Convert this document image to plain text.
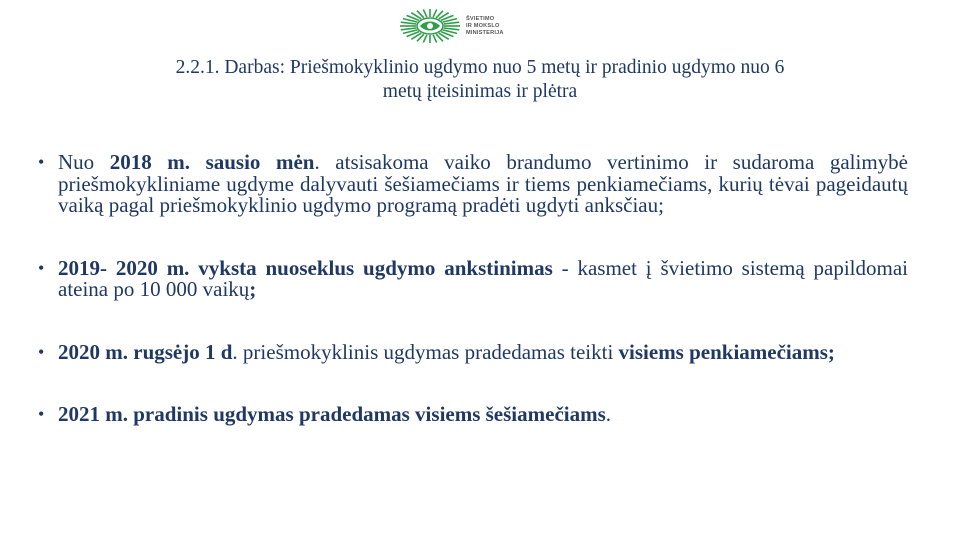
ŠVIETIMO
IR MOKSLO
MINISTERIJA
2.2.1. Darbas: Priešmokyklinio ugdymo nuo 5 metų ir pradinio ugdymo nuo 6
metų įteisinimas ir plėtra
• Nuo 2018 m. sausio mėn. atsisakoma vaiko brandumo vertinimo ir sudaroma galimybė priešmokykliniame ugdyme dalyvauti šešiamečiams ir tiems penkiamečiams, kurių tėvai pageidautų vaiką pagal priešmokyklinio ugdymo programą pradėti ugdyti anksčiau;
• 2019- 2020 m. vyksta nuoseklus ugdymo ankstinimas - kasmet į švietimo sistemą papildomai ateina po 10 000 vaikų;
• 2020 m. rugsėjo 1 d. priešmokyklinis ugdymas pradedamas teikti visiems penkiamečiams;
• 2021 m. pradinis ugdymas pradedamas visiems šešiamečiams.
